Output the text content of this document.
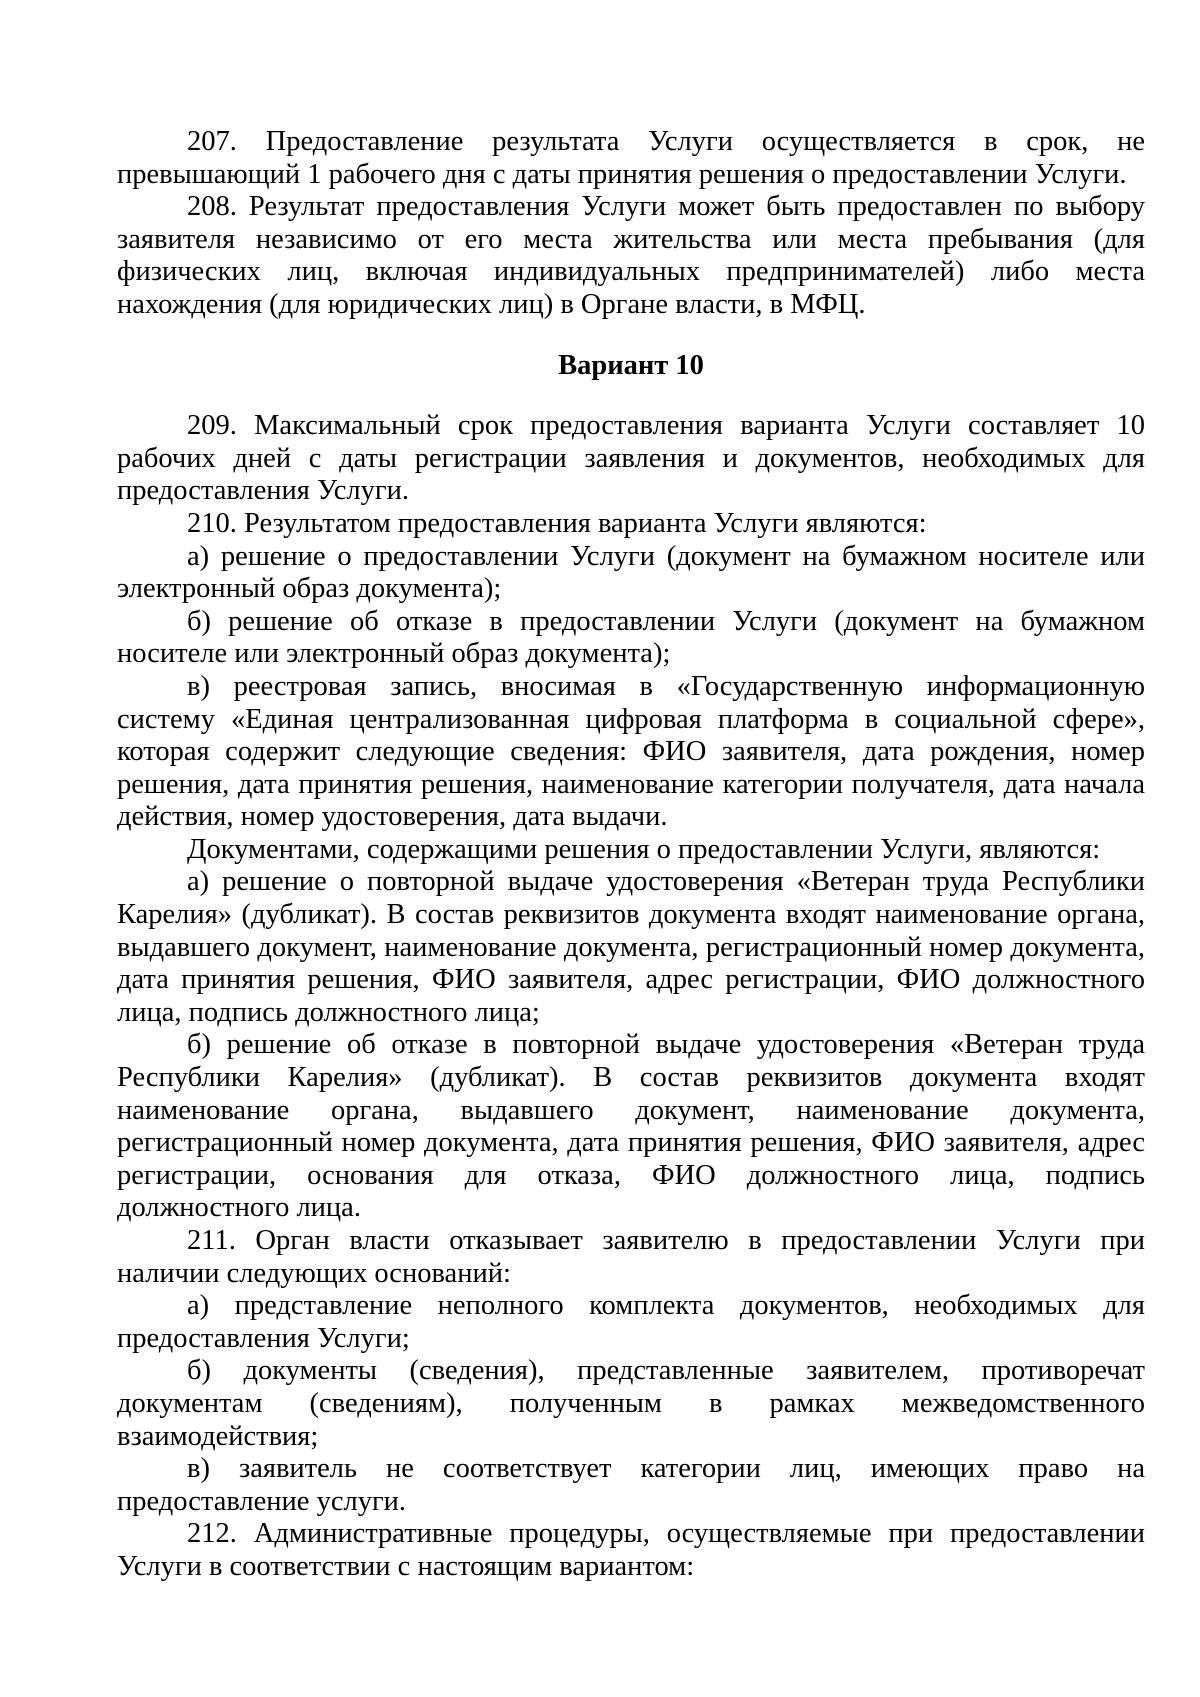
207. Предоставление результата Услуги осуществляется в срок, не превышающий 1 рабочего дня с даты принятия решения о предоставлении Услуги.

208. Результат предоставления Услуги может быть предоставлен по выбору заявителя независимо от его места жительства или места пребывания (для физических лиц, включая индивидуальных предпринимателей) либо места нахождения (для юридических лиц) в Органе власти, в МФЦ.

Вариант 10

209. Максимальный срок предоставления варианта Услуги составляет 10 рабочих дней с даты регистрации заявления и документов, необходимых для предоставления Услуги.

210. Результатом предоставления варианта Услуги являются:

а) решение о предоставлении Услуги (документ на бумажном носителе или электронный образ документа);

б) решение об отказе в предоставлении Услуги (документ на бумажном носителе или электронный образ документа);

в) реестровая запись, вносимая в «Государственную информационную систему «Единая централизованная цифровая платформа в социальной сфере», которая содержит следующие сведения: ФИО заявителя, дата рождения, номер решения, дата принятия решения, наименование категории получателя, дата начала действия, номер удостоверения, дата выдачи.

Документами, содержащими решения о предоставлении Услуги, являются:

а) решение о повторной выдаче удостоверения «Ветеран труда Республики Карелия» (дубликат). В состав реквизитов документа входят наименование органа, выдавшего документ, наименование документа, регистрационный номер документа, дата принятия решения, ФИО заявителя, адрес регистрации, ФИО должностного лица, подпись должностного лица;

б) решение об отказе в повторной выдаче удостоверения «Ветеран труда Республики Карелия» (дубликат). В состав реквизитов документа входят наименование органа, выдавшего документ, наименование документа, регистрационный номер документа, дата принятия решения, ФИО заявителя, адрес регистрации, основания для отказа, ФИО должностного лица, подпись должностного лица.

211. Орган власти отказывает заявителю в предоставлении Услуги при наличии следующих оснований:

а) представление неполного комплекта документов, необходимых для предоставления Услуги;

б) документы (сведения), представленные заявителем, противоречат документам (сведениям), полученным в рамках межведомственного взаимодействия;

в) заявитель не соответствует категории лиц, имеющих право на предоставление услуги.

212. Административные процедуры, осуществляемые при предоставлении Услуги в соответствии с настоящим вариантом:
